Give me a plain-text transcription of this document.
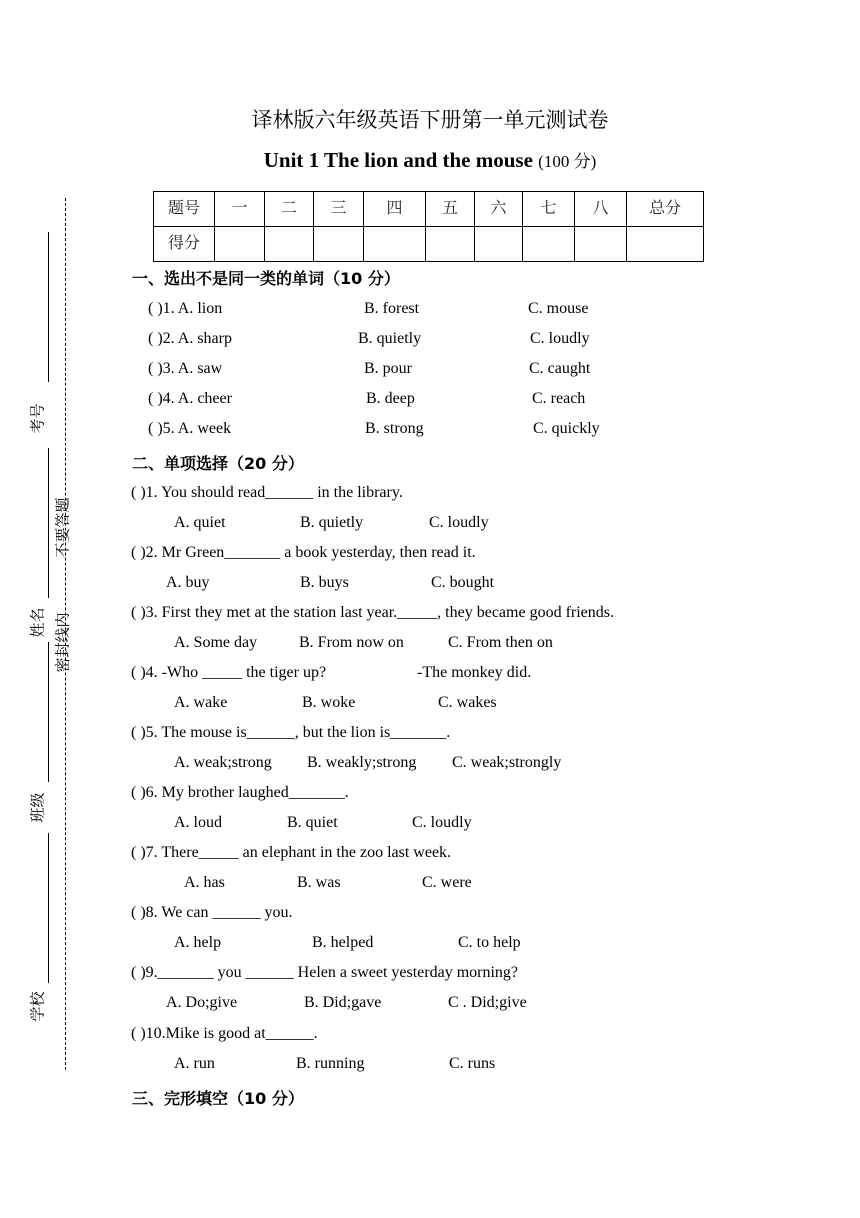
考号
不要答题
姓名 密封线内
班级
学校
译林版六年级英语下册第一单元测试卷
Unit 1 The lion and the mouse (100 分)
题号	一	二	三	四	五	六	七	八	总分
得分									
一、选出不是同一类的单词（10 分）
( )1. A. lion	B. forest	C. mouse
( )2. A. sharp	B. quietly	C. loudly
( )3. A. saw	B. pour	C. caught
( )4. A. cheer	B. deep	C. reach
( )5. A. week	B. strong	C. quickly
二、单项选择（20 分）
( )1. You should read______ in the library.
A. quiet	B. quietly	C. loudly
( )2. Mr Green_______ a book yesterday, then read it.
A. buy	B. buys	C. bought
( )3. First they met at the station last year._____, they became good friends.
A. Some day	B. From now on	C. From then on
( )4. -Who _____ the tiger up?	-The monkey did.
A. wake	B. woke	C. wakes
( )5. The mouse is______, but the lion is_______.
A. weak;strong B. weakly;strong C. weak;strongly
( )6. My brother laughed_______.
A. loud	B. quiet	C. loudly
( )7. There_____ an elephant in the zoo last week.
A. has	B. was	C. were
( )8. We can ______ you.
A. help	B. helped	C. to help
( )9._______ you ______ Helen a sweet yesterday morning?
A. Do;give	B. Did;gave	C . Did;give
( )10.Mike is good at______.
A. run	B. running	C. runs
三、完形填空（10 分）
